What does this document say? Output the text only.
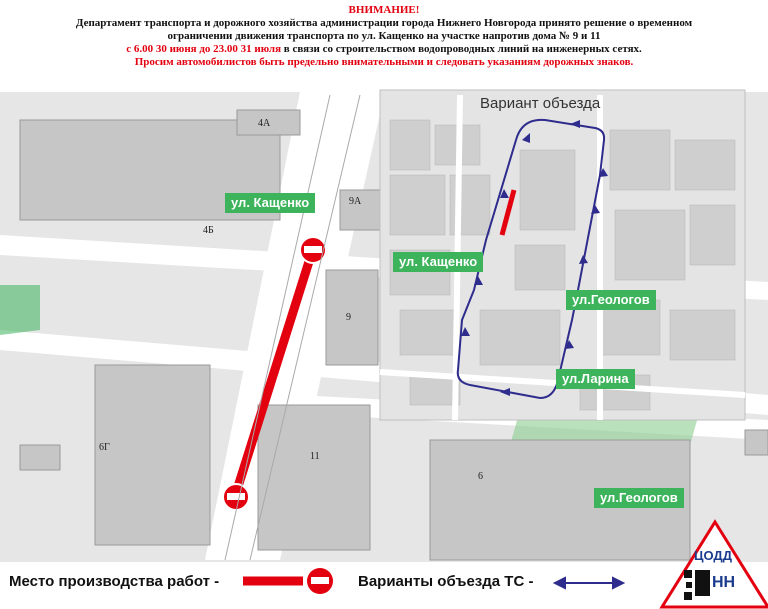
ВНИМАНИЕ!
Департамент транспорта и дорожного хозяйства администрации города Нижнего Новгорода принято решение о временном
ограничении движения транспорта по ул. Кащенко на участке напротив дома № 9 и 11
с 6.00 30 июня до 23.00 31 июля в связи со строительством водопроводных линий на инженерных сетях.
Просим автомобилистов быть предельно внимательными и следовать указаниям дорожных знаков.
4А
4Б
9А
9
6Г
11
6
ул. Кащенко
ул.Геологов
Вариант объезда
ул. Кащенко
ул.Геологов
ул.Ларина
Место производства работ -	Варианты объезда ТС -
ЦОДД
НН
